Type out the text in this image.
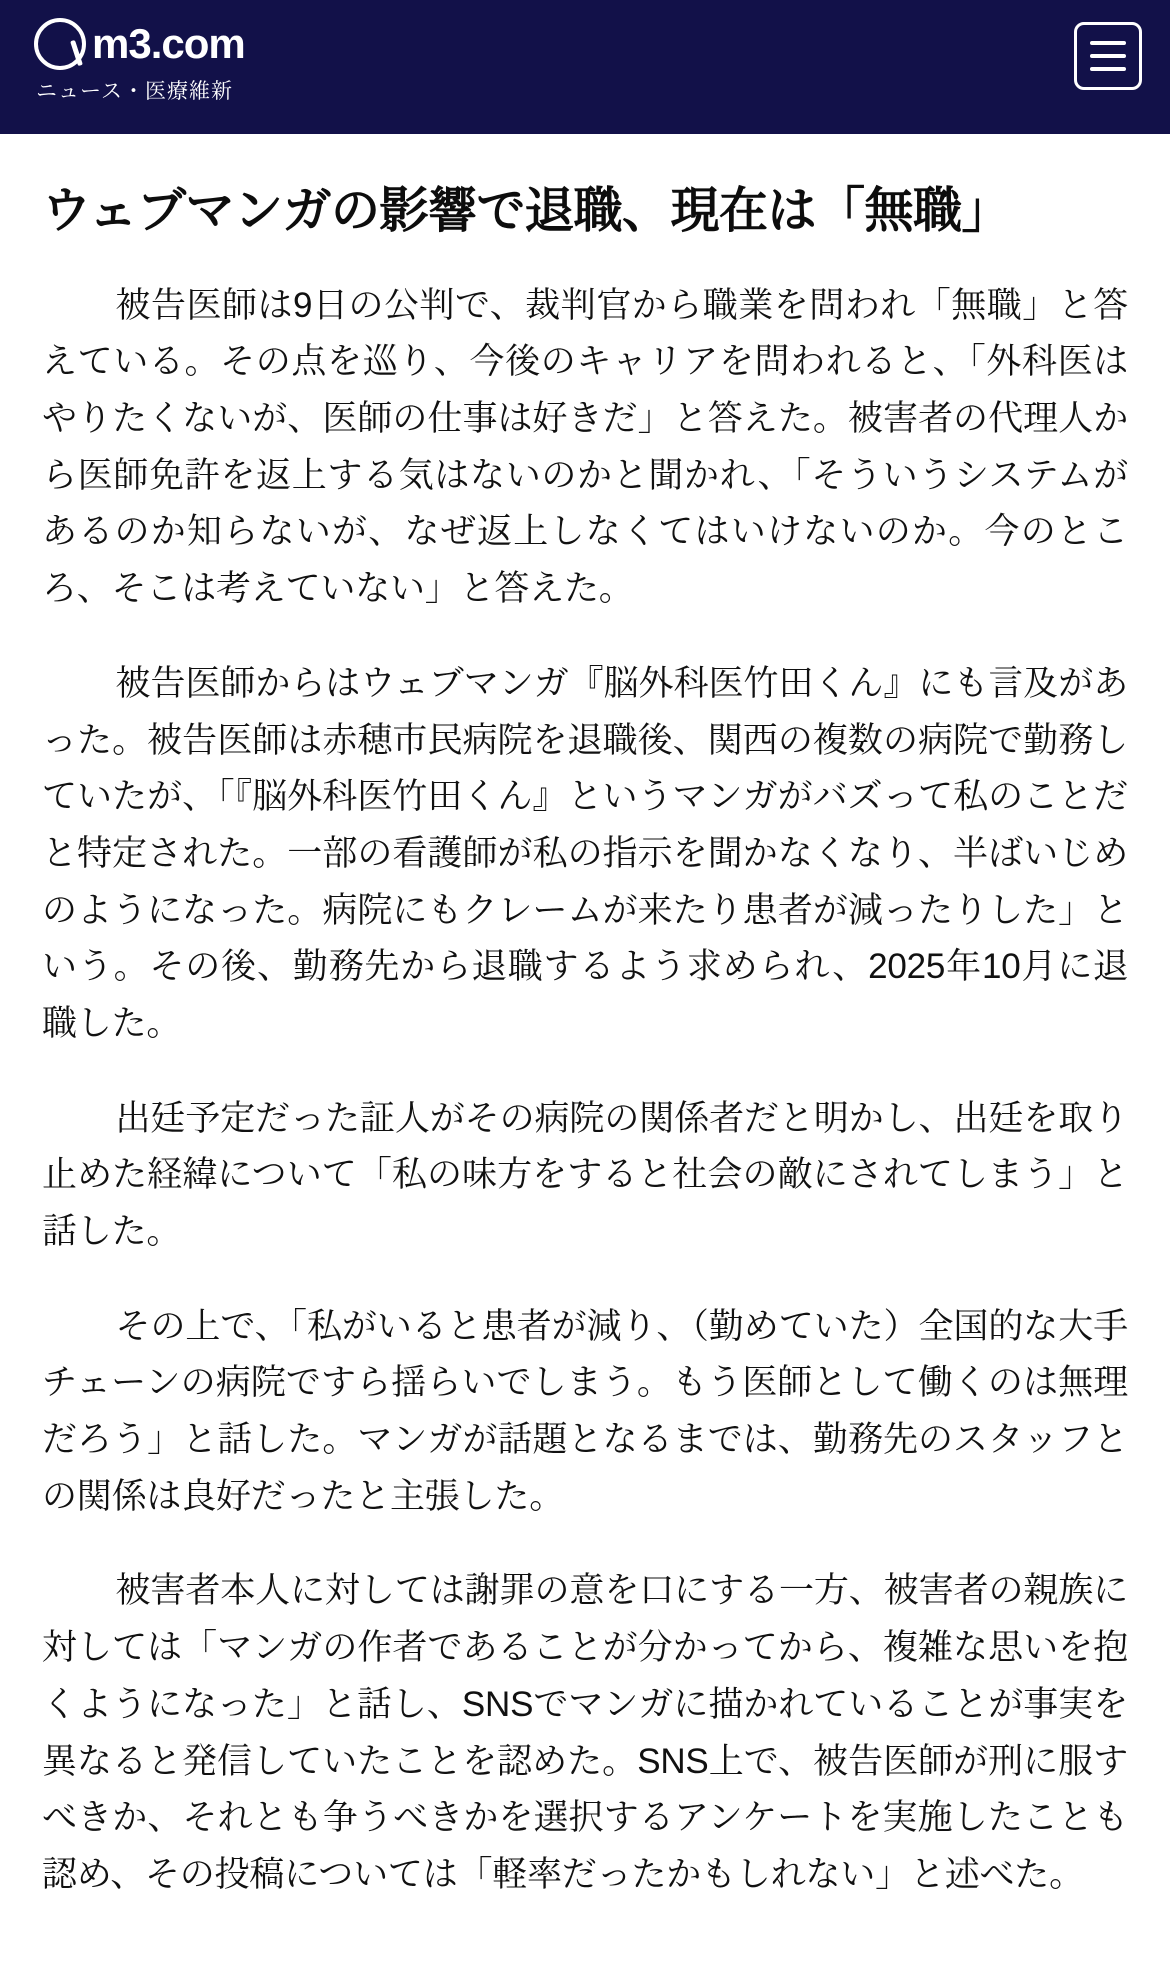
m3.com
ニュース・医療維新
ウェブマンガの影響で退職、現在は「無職」

被告医師は9日の公判で、裁判官から職業を問われ「無職」と答えている。その点を巡り、今後のキャリアを問われると、「外科医はやりたくないが、医師の仕事は好きだ」と答えた。被害者の代理人から医師免許を返上する気はないのかと聞かれ、「そういうシステムがあるのか知らないが、なぜ返上しなくてはいけないのか。今のところ、そこは考えていない」と答えた。

被告医師からはウェブマンガ『脳外科医竹田くん』にも言及があった。被告医師は赤穂市民病院を退職後、関西の複数の病院で勤務していたが、「『脳外科医竹田くん』というマンガがバズって私のことだと特定された。一部の看護師が私の指示を聞かなくなり、半ばいじめのようになった。病院にもクレームが来たり患者が減ったりした」という。その後、勤務先から退職するよう求められ、2025年10月に退職した。

出廷予定だった証人がその病院の関係者だと明かし、出廷を取り止めた経緯について「私の味方をすると社会の敵にされてしまう」と話した。

その上で、「私がいると患者が減り、（勤めていた）全国的な大手チェーンの病院ですら揺らいでしまう。もう医師として働くのは無理だろう」と話した。マンガが話題となるまでは、勤務先のスタッフとの関係は良好だったと主張した。

被害者本人に対しては謝罪の意を口にする一方、被害者の親族に対しては「マンガの作者であることが分かってから、複雑な思いを抱くようになった」と話し、SNSでマンガに描かれていることが事実を異なると発信していたことを認めた。SNS上で、被告医師が刑に服すべきか、それとも争うべきかを選択するアンケートを実施したことも認め、その投稿については「軽率だったかもしれない」と述べた。
